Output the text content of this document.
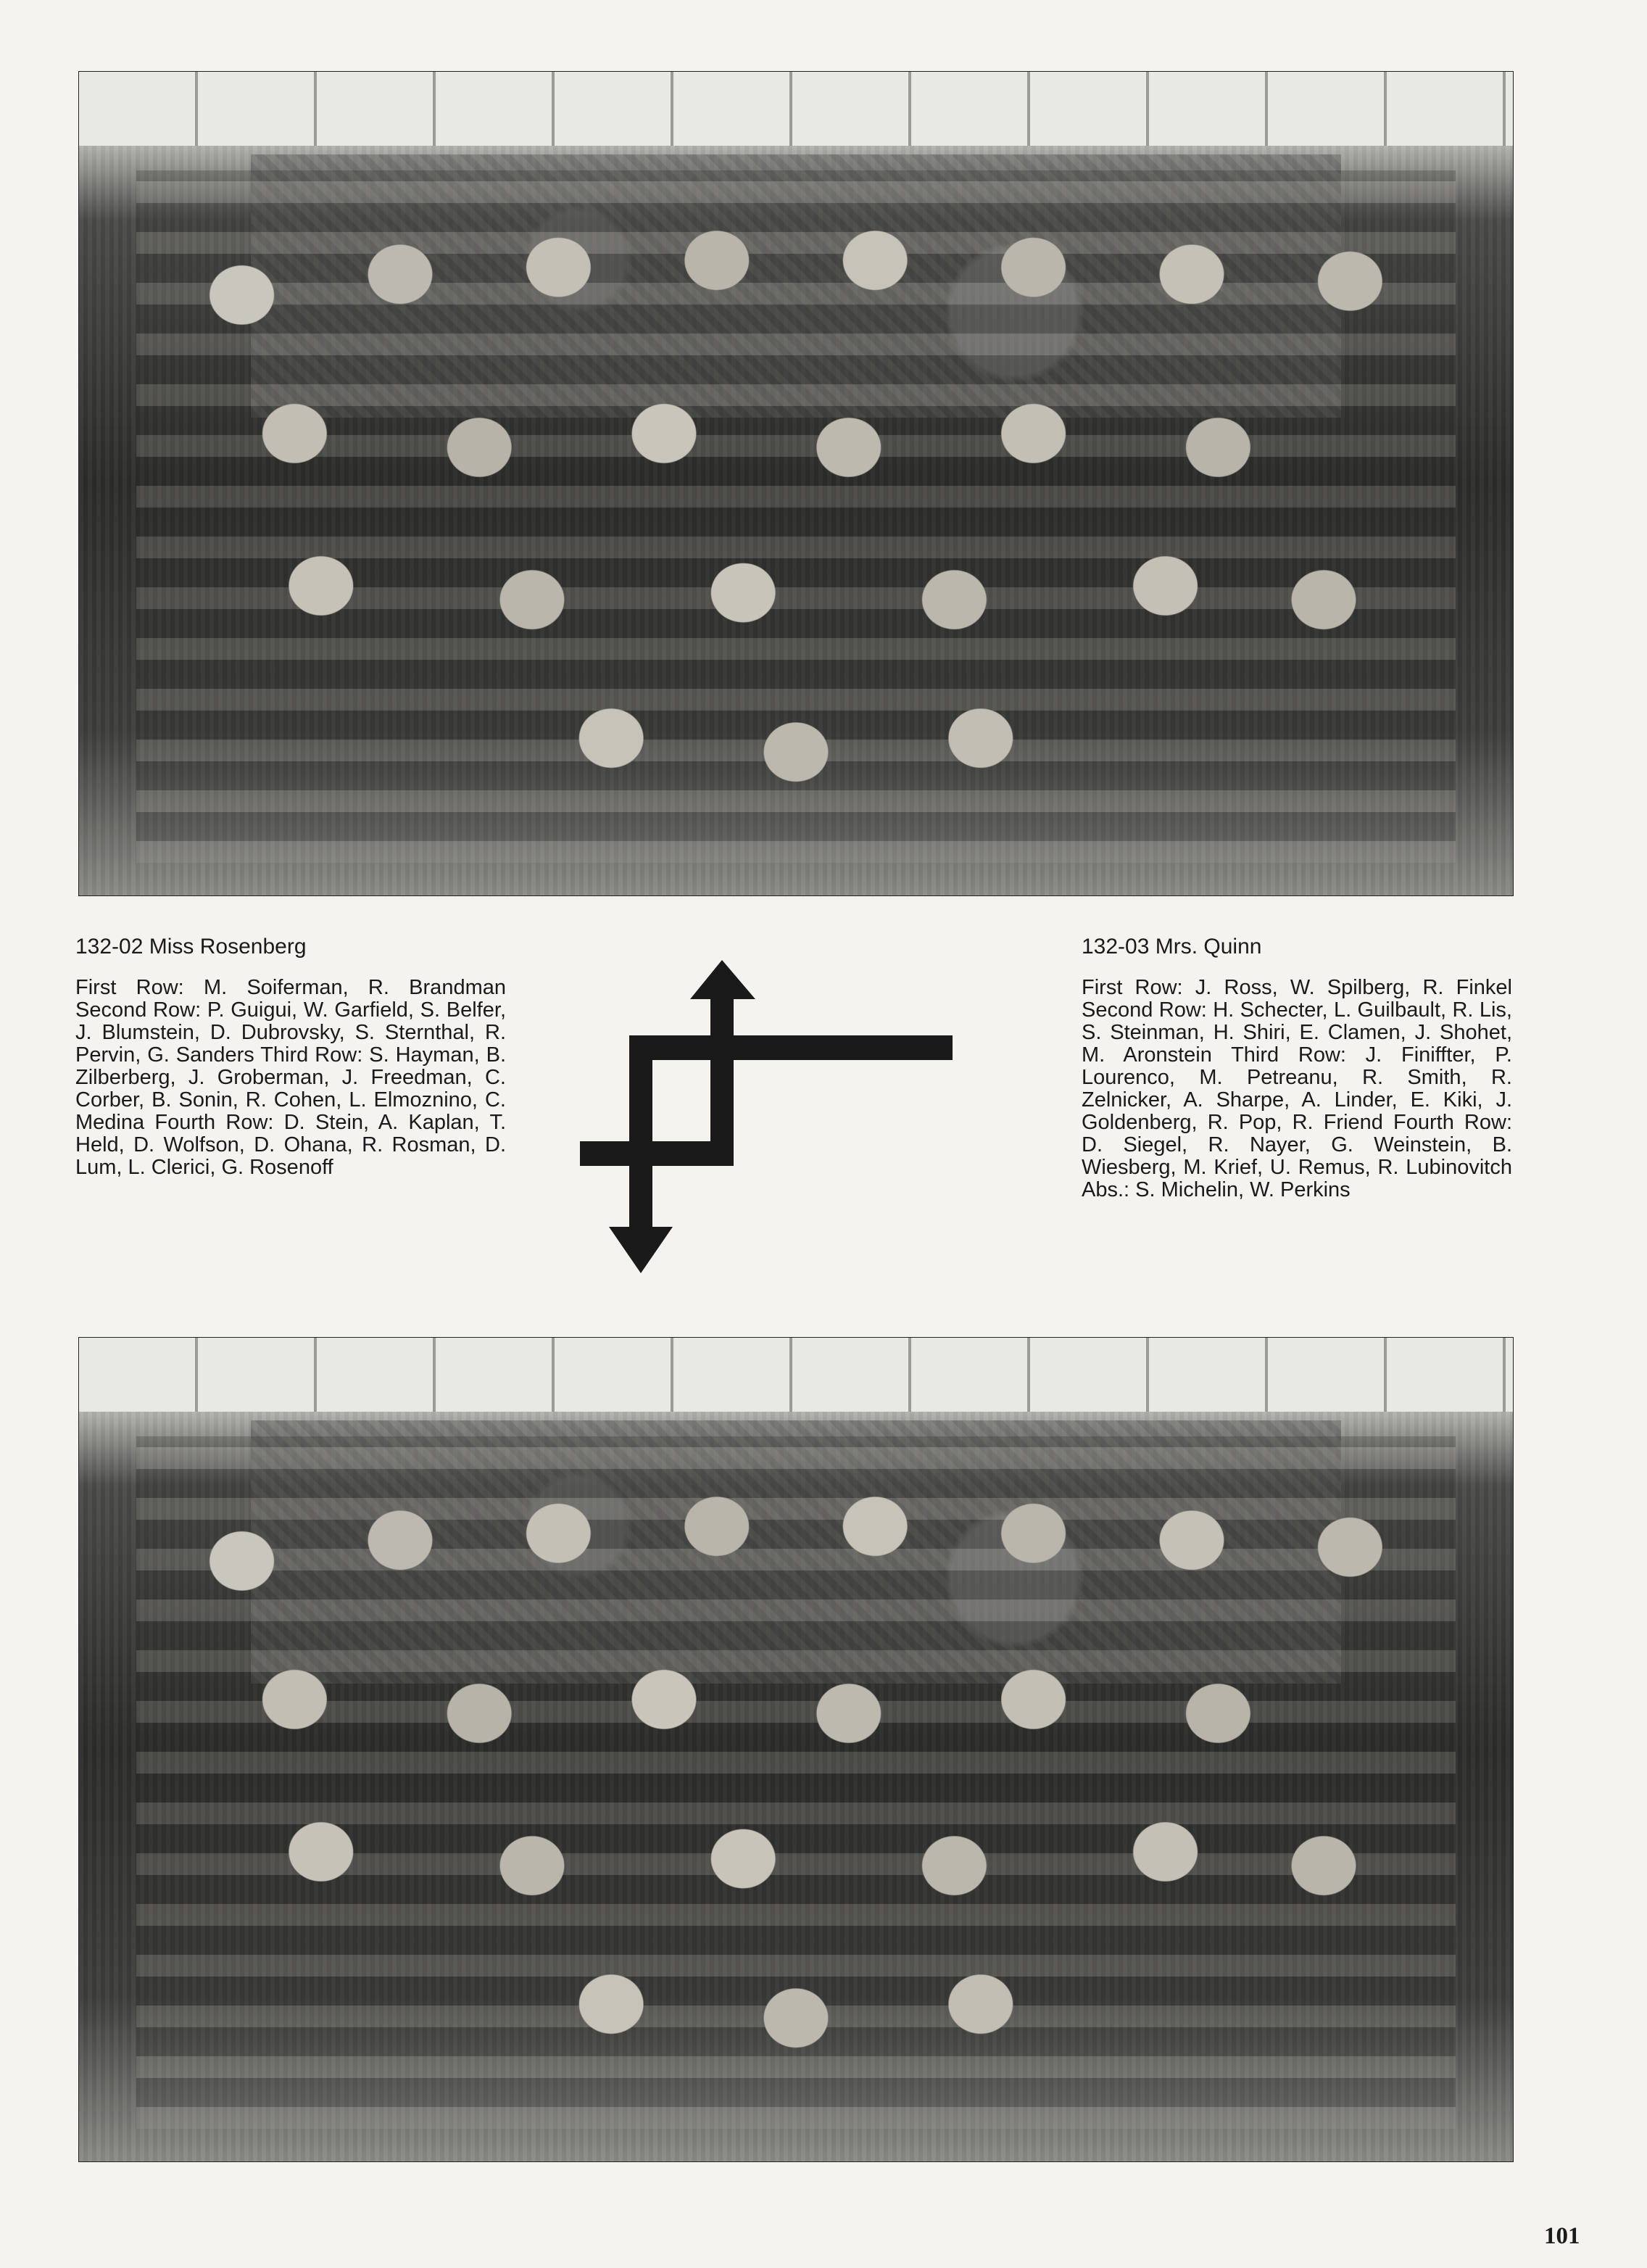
132-02 Miss Rosenberg

First Row: M. Soiferman, R. Brandman Second Row: P. Guigui, W. Garfield, S. Belfer, J. Blumstein, D. Dubrovsky, S. Sternthal, R. Pervin, G. Sanders Third Row: S. Hayman, B. Zilberberg, J. Groberman, J. Freedman, C. Corber, B. Sonin, R. Cohen, L. Elmoznino, C. Medina Fourth Row: D. Stein, A. Kaplan, T. Held, D. Wolfson, D. Ohana, R. Rosman, D. Lum, L. Clerici, G. Rosenoff

132-03 Mrs. Quinn

First Row: J. Ross, W. Spilberg, R. Finkel Second Row: H. Schecter, L. Guilbault, R. Lis, S. Steinman, H. Shiri, E. Clamen, J. Shohet, M. Aronstein Third Row: J. Finiffter, P. Lourenco, M. Petreanu, R. Smith, R. Zelnicker, A. Sharpe, A. Linder, E. Kiki, J. Goldenberg, R. Pop, R. Friend Fourth Row: D. Siegel, R. Nayer, G. Weinstein, B. Wiesberg, M. Krief, U. Remus, R. Lubinovitch Abs.: S. Michelin, W. Perkins

101
